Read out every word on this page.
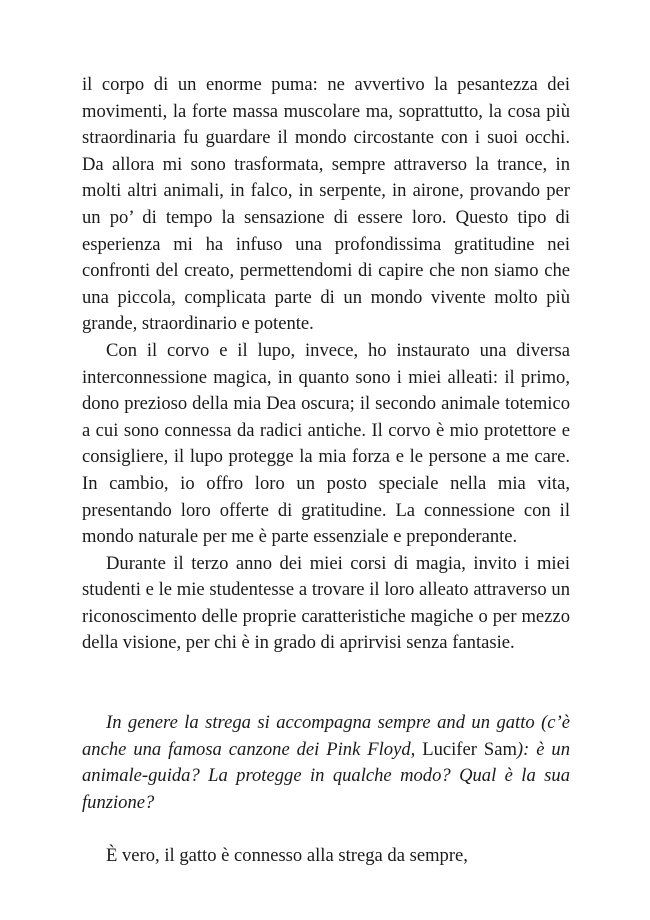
il corpo di un enorme puma: ne avvertivo la pesantezza dei movimenti, la forte massa muscolare ma, soprattutto, la cosa più straordinaria fu guardare il mondo circostante con i suoi occhi. Da allora mi sono trasformata, sempre attraverso la trance, in molti altri animali, in falco, in serpente, in airone, provando per un po’ di tempo la sensazione di essere loro. Questo tipo di esperienza mi ha infuso una profondissima gratitudine nei confronti del creato, permettendomi di capire che non siamo che una piccola, complicata parte di un mondo vivente molto più grande, straordinario e potente.

Con il corvo e il lupo, invece, ho instaurato una diversa interconnessione magica, in quanto sono i miei alleati: il primo, dono prezioso della mia Dea oscura; il secondo animale totemico a cui sono connessa da radici antiche. Il corvo è mio protettore e consigliere, il lupo protegge la mia forza e le persone a me care. In cambio, io offro loro un posto speciale nella mia vita, presentando loro offerte di gratitudine. La connessione con il mondo naturale per me è parte essenziale e preponderante.

Durante il terzo anno dei miei corsi di magia, invito i miei studenti e le mie studentesse a trovare il loro alleato attraverso un riconoscimento delle proprie caratteristiche magiche o per mezzo della visione, per chi è in grado di aprirvisi senza fantasie.

In genere la strega si accompagna sempre and un gatto (c’è anche una famosa canzone dei Pink Floyd, Lucifer Sam): è un animale-guida? La protegge in qualche modo? Qual è la sua funzione?

È vero, il gatto è connesso alla strega da sempre,
